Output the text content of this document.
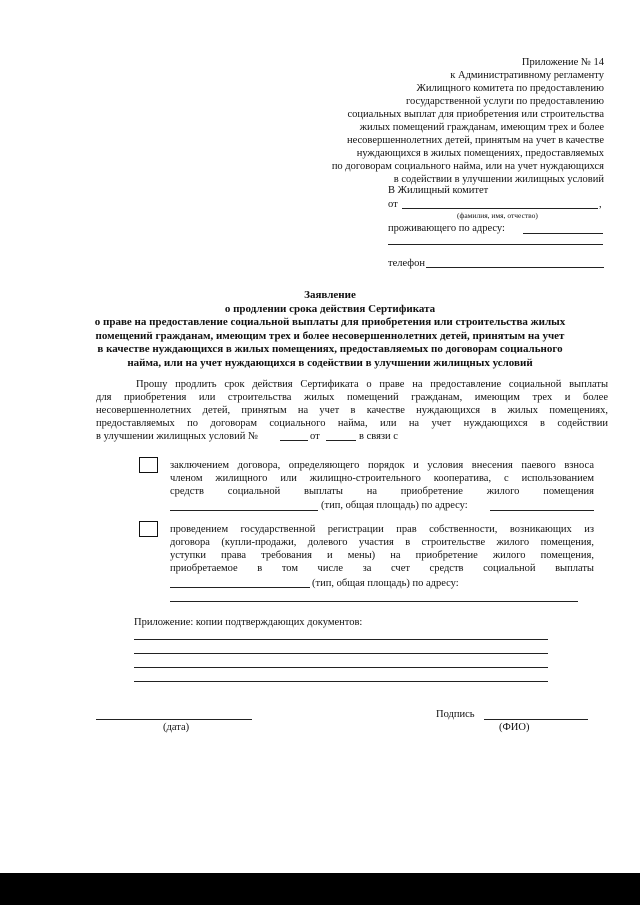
Приложение № 14
к Административному регламенту
Жилищного комитета по предоставлению
государственной услуги по предоставлению
социальных выплат для приобретения или строительства
жилых помещений гражданам, имеющим трех и более
несовершеннолетних детей, принятым на учет в качестве
нуждающихся в жилых помещениях, предоставляемых
по договорам социального найма, или на учет нуждающихся
в содействии в улучшении жилищных условий
В Жилищный комитет
от	,
(фамилия, имя, отчество)
проживающего по адресу:
телефон
Заявление
о продлении срока действия Сертификата
о праве на предоставление социальной выплаты для приобретения или строительства жилых
помещений гражданам, имеющим трех и более несовершеннолетних детей, принятым на учет
в качестве нуждающихся в жилых помещениях, предоставляемых по договорам социального
найма, или на учет нуждающихся в содействии в улучшении жилищных условий
Прошу продлить срок действия Сертификата о праве на предоставление социальной выплаты
для приобретения или строительства жилых помещений гражданам, имеющим трех и более
несовершеннолетних детей, принятым на учет в качестве нуждающихся в жилых помещениях,
предоставляемых по договорам социального найма, или на учет нуждающихся в содействии
в улучшении жилищных условий №	от	в связи с
заключением договора, определяющего порядок и условия внесения паевого взноса
членом жилищного или жилищно-строительного кооператива, с использованием
средств социальной выплаты на приобретение жилого помещения
(тип, общая площадь) по адресу:
проведением государственной регистрации прав собственности, возникающих из
договора (купли-продажи, долевого участия в строительстве жилого помещения,
уступки права требования и мены) на приобретение жилого помещения,
приобретаемое в том числе за счет средств социальной выплаты
(тип, общая площадь) по адресу:
Приложение: копии подтверждающих документов:
(дата)
Подпись
(ФИО)
